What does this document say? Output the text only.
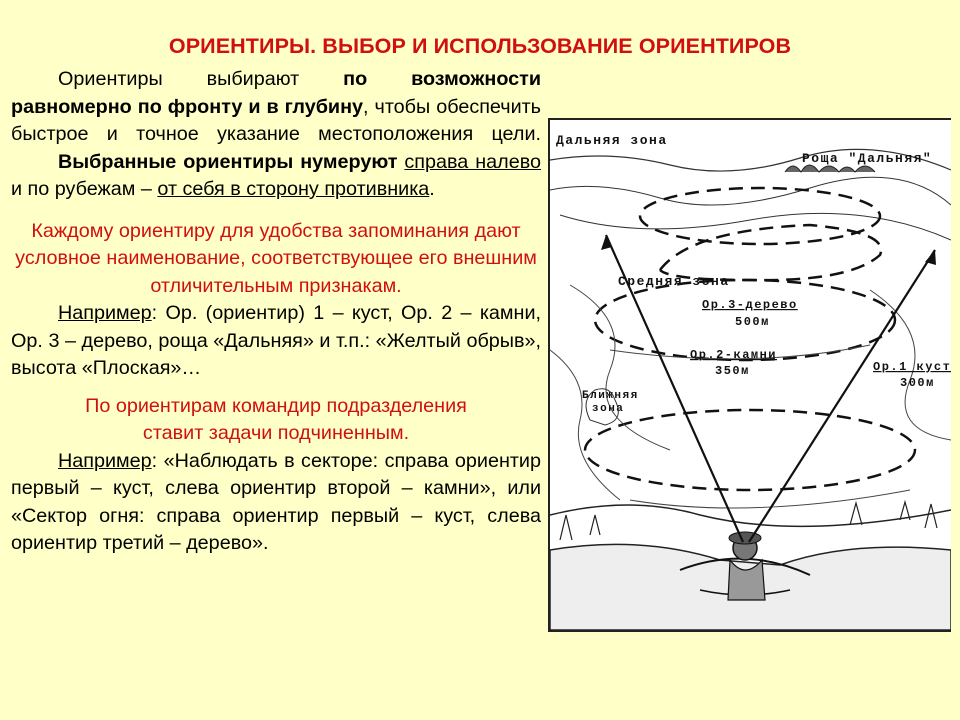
ОРИЕНТИРЫ. ВЫБОР И ИСПОЛЬЗОВАНИЕ ОРИЕНТИРОВ

Ориентиры выбирают по возможности равномерно по фронту и в глубину, чтобы обеспечить быстрое и точное указание местоположения цели.

Выбранные ориентиры нумеруют справа налево и по рубежам – от себя в сторону противника.

Каждому ориентиру для удобства запоминания дают условное наименование, соответствующее его внешним отличительным признакам.

Например: Ор. (ориентир) 1 – куст, Ор. 2 – камни, Ор. 3 – дерево, роща «Дальняя» и т.п.: «Желтый обрыв», высота «Плоская»…

По ориентирам командир подразделения ставит задачи подчиненным.

Например: «Наблюдать в секторе: справа ориентир первый – куст, слева ориентир второй – камни», или «Сектор огня: справа ориентир первый – куст, слева ориентир третий – дерево».

Дальняя зона
Роща "Дальняя"
Средняя зона
Ор.3-дерево
500м
Ор.2-камни
350м	Ор.1 куст
300м
Ближняя
зона
